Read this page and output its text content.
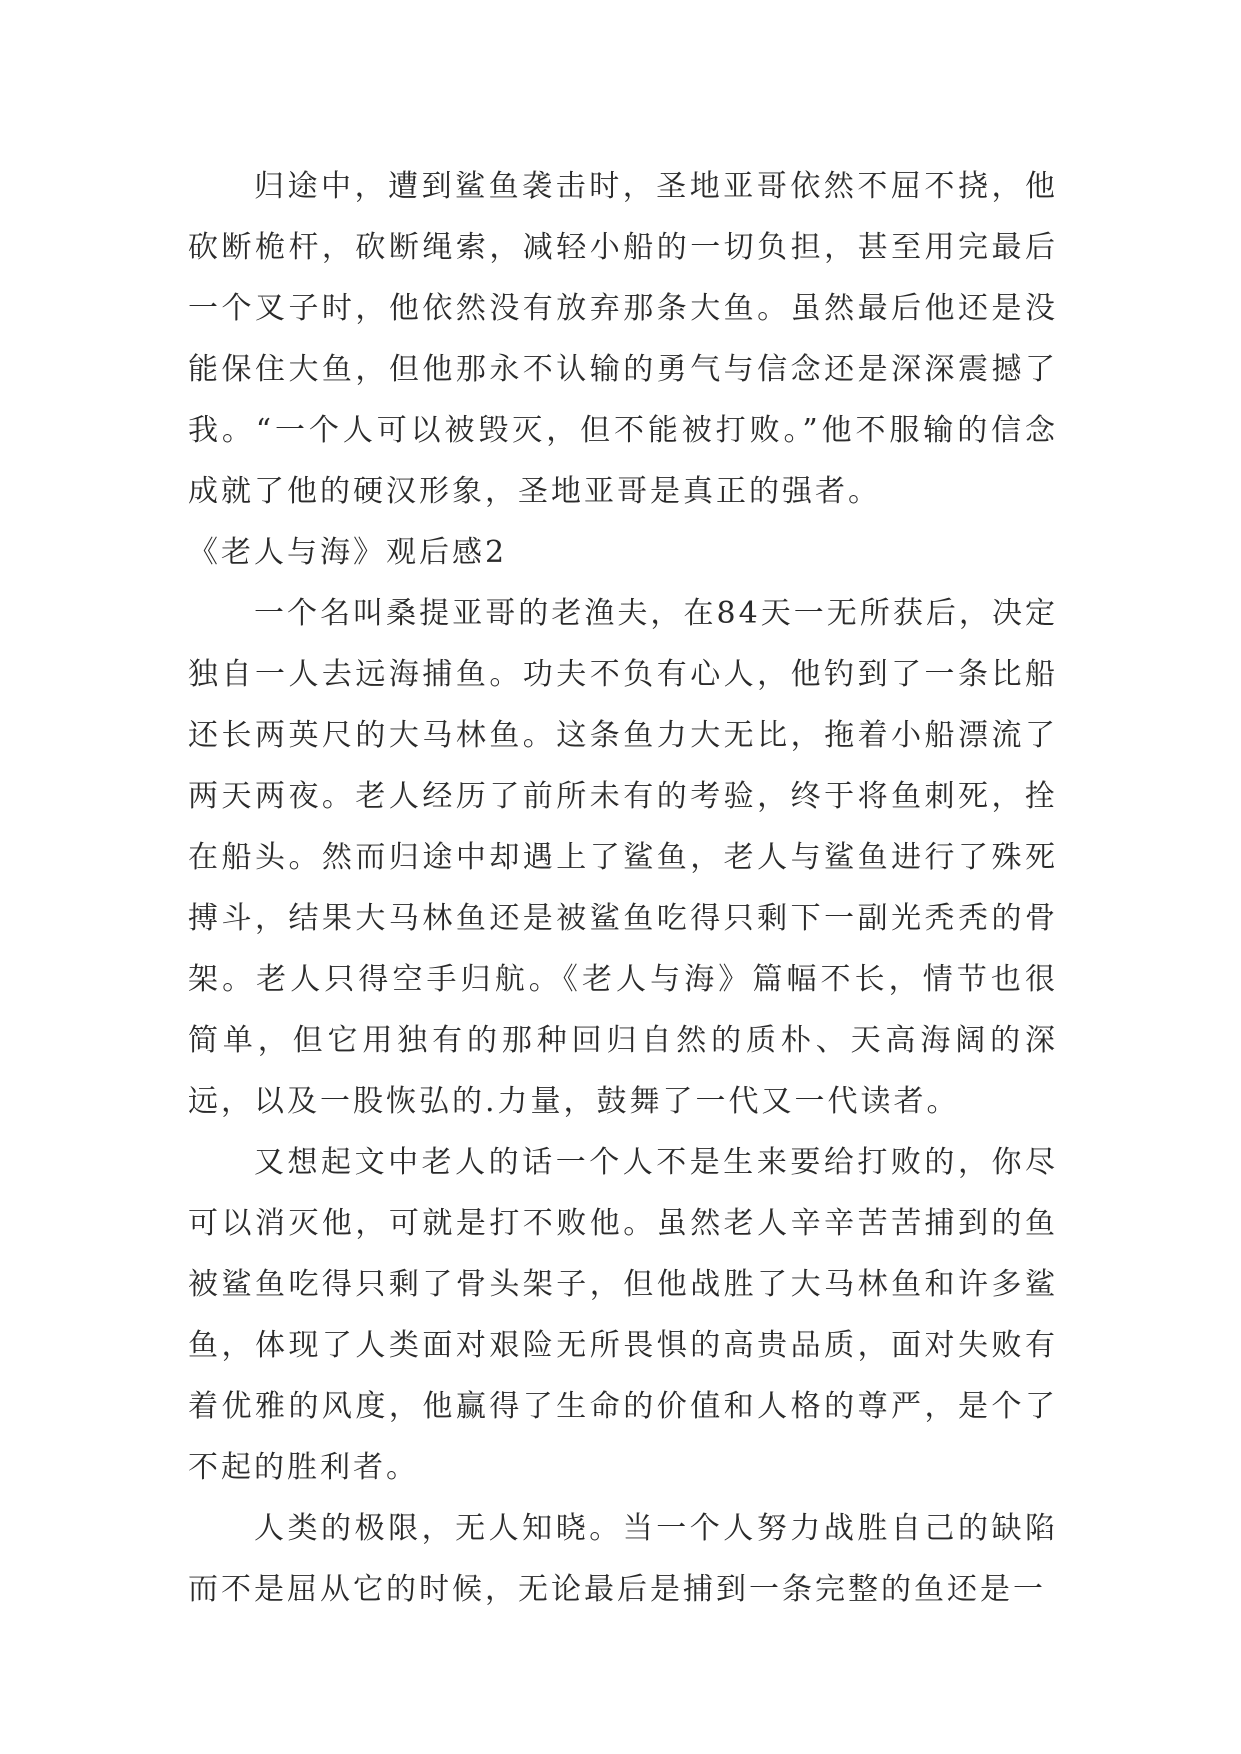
归途中，遭到鲨鱼袭击时，圣地亚哥依然不屈不挠，他砍断桅杆，砍断绳索，减轻小船的一切负担，甚至用完最后一个叉子时，他依然没有放弃那条大鱼。虽然最后他还是没能保住大鱼，但他那永不认输的勇气与信念还是深深震撼了我。“一个人可以被毁灭，但不能被打败。”他不服输的信念成就了他的硬汉形象，圣地亚哥是真正的强者。

《老人与海》观后感2

一个名叫桑提亚哥的老渔夫，在84天一无所获后，决定独自一人去远海捕鱼。功夫不负有心人，他钓到了一条比船还长两英尺的大马林鱼。这条鱼力大无比，拖着小船漂流了两天两夜。老人经历了前所未有的考验，终于将鱼刺死，拴在船头。然而归途中却遇上了鲨鱼，老人与鲨鱼进行了殊死搏斗，结果大马林鱼还是被鲨鱼吃得只剩下一副光秃秃的骨架。老人只得空手归航。《老人与海》篇幅不长，情节也很简单，但它用独有的那种回归自然的质朴、天高海阔的深远，以及一股恢弘的.力量，鼓舞了一代又一代读者。

又想起文中老人的话一个人不是生来要给打败的，你尽可以消灭他，可就是打不败他。虽然老人辛辛苦苦捕到的鱼被鲨鱼吃得只剩了骨头架子，但他战胜了大马林鱼和许多鲨鱼，体现了人类面对艰险无所畏惧的高贵品质，面对失败有着优雅的风度，他赢得了生命的价值和人格的尊严，是个了不起的胜利者。

人类的极限，无人知晓。当一个人努力战胜自己的缺陷而不是屈从它的时候，无论最后是捕到一条完整的鱼还是一
